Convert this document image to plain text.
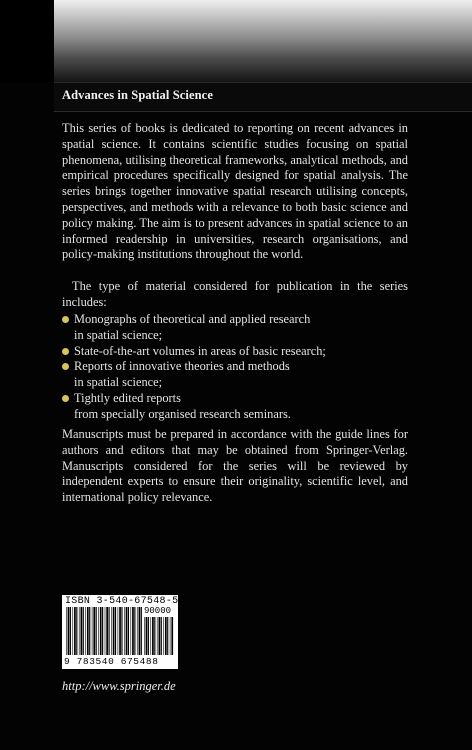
Advances in Spatial Science

This series of books is dedicated to reporting on recent advances in spatial science. It contains scientific studies focusing on spatial phenomena, utilising theoretical frameworks, analytical methods, and empirical procedures specifically designed for spatial analysis. The series brings together innovative spatial research utilising concepts, perspectives, and methods with a relevance to both basic science and policy making. The aim is to present advances in spatial science to an informed readership in universities, research organisations, and policy-making institutions throughout the world.

The type of material considered for publication in the series includes:

Monographs of theoretical and applied research
in spatial science;
State-of-the-art volumes in areas of basic research;
Reports of innovative theories and methods
in spatial science;
Tightly edited reports
from specially organised research seminars.

Manuscripts must be prepared in accordance with the guide lines for authors and editors that may be obtained from Springer-Verlag. Manuscripts considered for the series will be reviewed by independent experts to ensure their originality, scientific level, and international policy relevance.

ISBN 3-540-67548-5
90000
9 783540 675488
http://www.springer.de
